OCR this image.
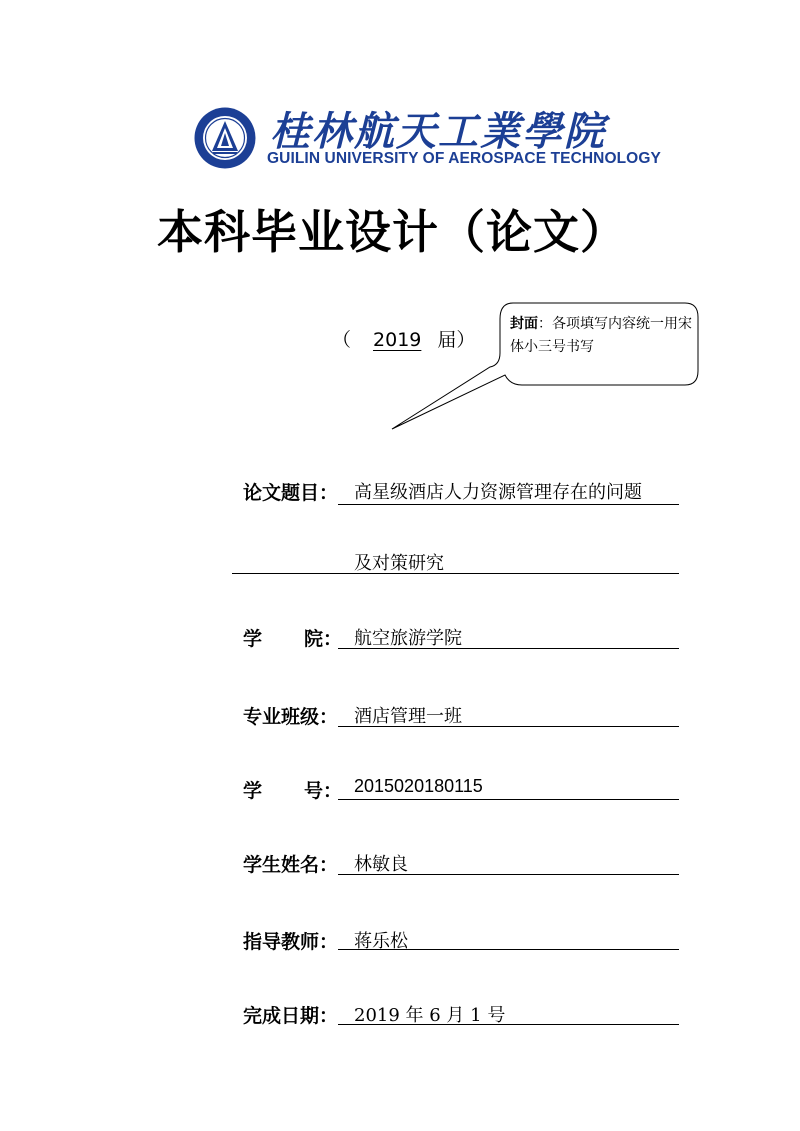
桂林航天工業學院
GUILIN UNIVERSITY OF AEROSPACE TECHNOLOGY
本科毕业设计（论文）
（ 2019 届）
封面：各项填写内容统一用宋体小三号书写
论文题目： 高星级酒店人力资源管理存在的问题
及对策研究
学 院： 航空旅游学院
专业班级： 酒店管理一班
学 号： 2015020180115
学生姓名： 林敏良
指导教师： 蒋乐松
完成日期： 2019 年 6 月 1 号
